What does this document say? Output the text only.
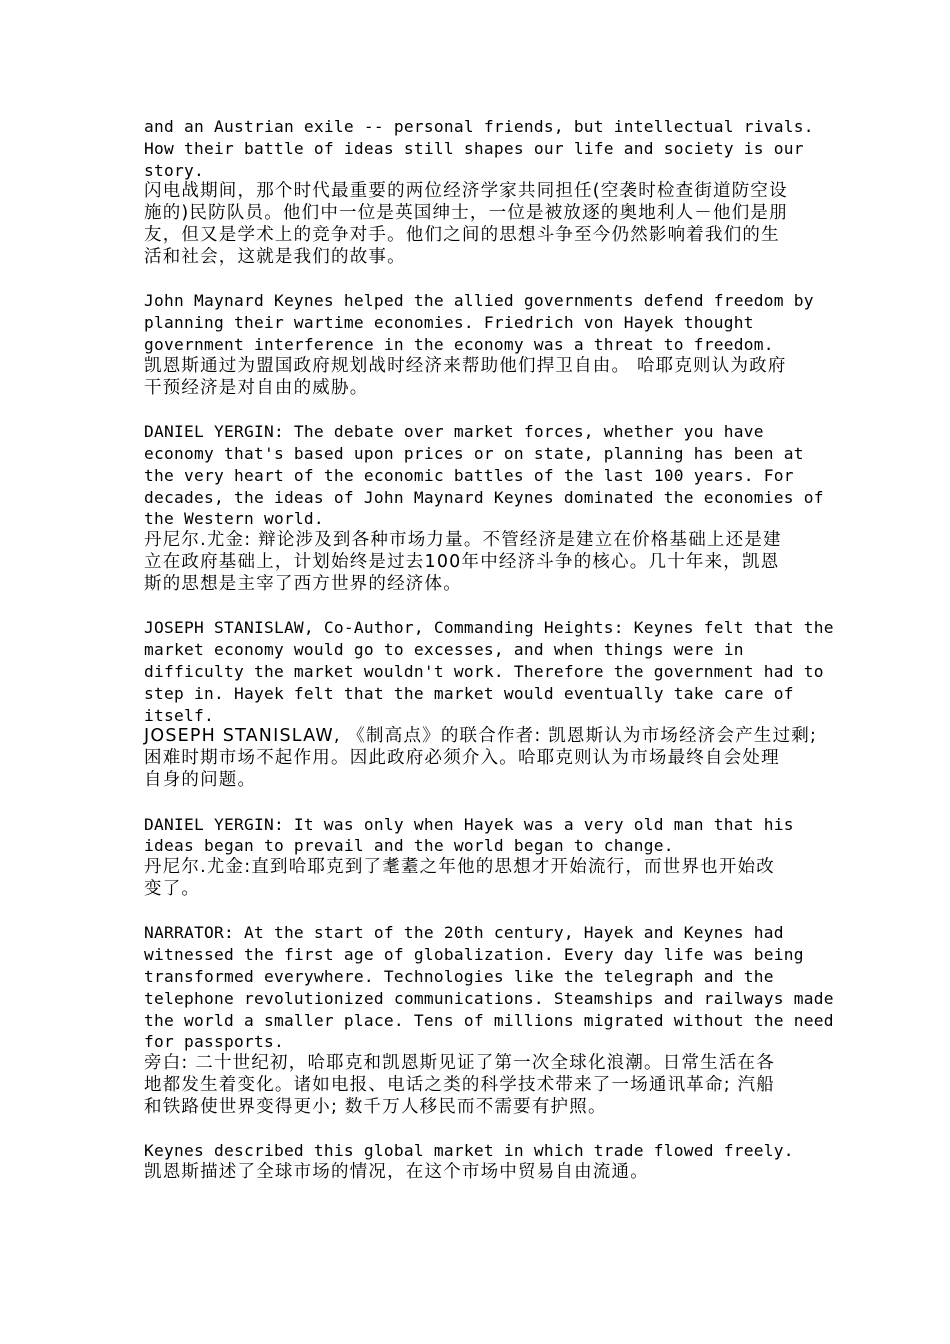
and an Austrian exile -- personal friends, but intellectual rivals.
How their battle of ideas still shapes our life and society is our
story.
闪电战期间，那个时代最重要的两位经济学家共同担任(空袭时检查街道防空设
施的)民防队员。他们中一位是英国绅士，一位是被放逐的奥地利人－他们是朋
友，但又是学术上的竞争对手。他们之间的思想斗争至今仍然影响着我们的生
活和社会，这就是我们的故事。
John Maynard Keynes helped the allied governments defend freedom by
planning their wartime economies. Friedrich von Hayek thought
government interference in the economy was a threat to freedom.
凯恩斯通过为盟国政府规划战时经济来帮助他们捍卫自由。 哈耶克则认为政府
干预经济是对自由的威胁。
DANIEL YERGIN: The debate over market forces, whether you have
economy that's based upon prices or on state, planning has been at
the very heart of the economic battles of the last 100 years. For
decades, the ideas of John Maynard Keynes dominated the economies of
the Western world.
丹尼尔.尤金: 辩论涉及到各种市场力量。不管经济是建立在价格基础上还是建
立在政府基础上，计划始终是过去100年中经济斗争的核心。几十年来，凯恩
斯的思想是主宰了西方世界的经济体。
JOSEPH STANISLAW, Co-Author, Commanding Heights: Keynes felt that the
market economy would go to excesses, and when things were in
difficulty the market wouldn't work. Therefore the government had to
step in. Hayek felt that the market would eventually take care of
itself.
JOSEPH STANISLAW, 《制高点》的联合作者: 凯恩斯认为市场经济会产生过剩;
困难时期市场不起作用。因此政府必须介入。哈耶克则认为市场最终自会处理
自身的问题。
DANIEL YERGIN: It was only when Hayek was a very old man that his
ideas began to prevail and the world began to change.
丹尼尔.尤金:直到哈耶克到了耄耋之年他的思想才开始流行，而世界也开始改
变了。
NARRATOR: At the start of the 20th century, Hayek and Keynes had
witnessed the first age of globalization. Every day life was being
transformed everywhere. Technologies like the telegraph and the
telephone revolutionized communications. Steamships and railways made
the world a smaller place. Tens of millions migrated without the need
for passports.
旁白: 二十世纪初，哈耶克和凯恩斯见证了第一次全球化浪潮。日常生活在各
地都发生着变化。诸如电报、电话之类的科学技术带来了一场通讯革命; 汽船
和铁路使世界变得更小; 数千万人移民而不需要有护照。
Keynes described this global market in which trade flowed freely.
凯恩斯描述了全球市场的情况，在这个市场中贸易自由流通。
